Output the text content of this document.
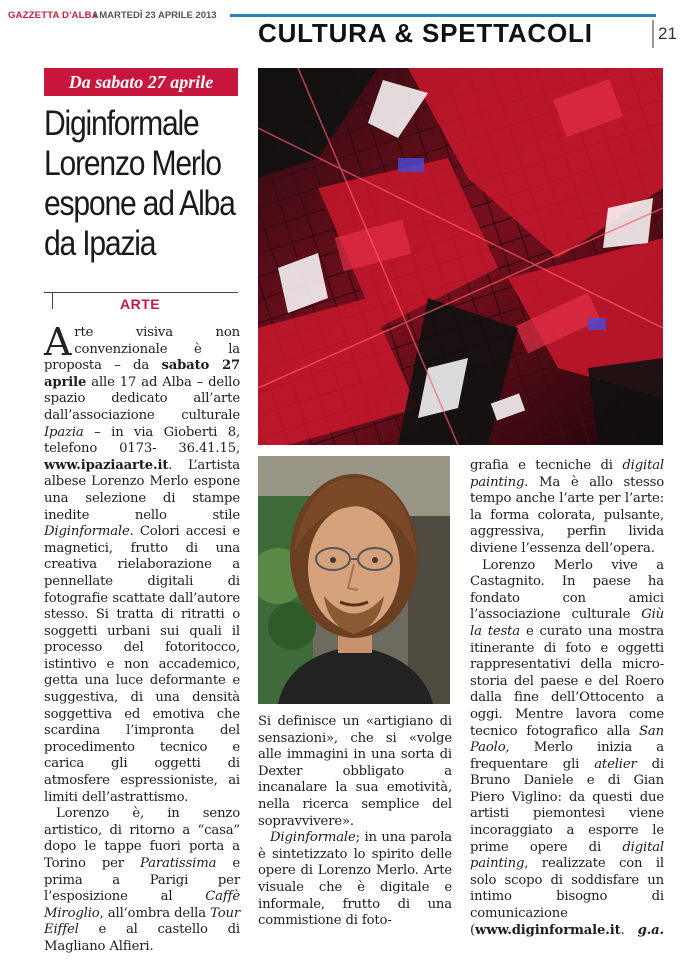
GAZZETTA D'ALBA ■ MARTEDÌ 23 APRILE 2013
CULTURA & SPETTACOLI	21
Da sabato 27 aprile
Diginformale
Lorenzo Merlo
espone ad Alba
da Ipazia
ARTE

Arte visiva non convenzionale è la proposta – da sabato 27 aprile alle 17 ad Alba – dello spazio dedicato all’arte dall’associazione culturale Ipazia – in via Gioberti 8, telefono 0173- 36.41.15, www.ipaziaarte.it. L’artista albese Lorenzo Merlo espone una selezione di stampe inedite nello stile Diginformale. Colori accesi e magnetici, frutto di una creativa rielaborazione a pennellate digitali di fotografie scattate dall’autore stesso. Si tratta di ritratti o soggetti urbani sui quali il processo del fotoritocco, istintivo e non accademico, getta una luce deformante e suggestiva, di una densità soggettiva ed emotiva che scardina l’impronta del procedimento tecnico e carica gli oggetti di atmosfere espressioniste, ai limiti dell’astrattismo.

Lorenzo è, in senzo artistico, di ritorno a “casa” dopo le tappe fuori porta a Torino per Paratissima e prima a Parigi per l’esposizione al Caffè Miroglio, all’ombra della Tour Eiffel e al castello di Magliano Alfieri.

Si definisce un «artigiano di sensazioni», che si «volge alle immagini in una sorta di Dexter obbligato a incanalare la sua emotività, nella ricerca semplice del sopravvivere».

Diginformale; in una parola è sintetizzato lo spirito delle opere di Lorenzo Merlo. Arte visuale che è digitale e informale, frutto di una commistione di foto-

grafia e tecniche di digital painting. Ma è allo stesso tempo anche l’arte per l’arte: la forma colorata, pulsante, aggressiva, perfin livida diviene l’essenza dell’opera.

Lorenzo Merlo vive a Castagnito. In paese ha fondato con amici l’associazione culturale Giù la testa e curato una mostra itinerante di foto e oggetti rappresentativi della micro-storia del paese e del Roero dalla fine dell’Ottocento a oggi. Mentre lavora come tecnico fotografico alla San Paolo, Merlo inizia a frequentare gli atelier di Bruno Daniele e di Gian Piero Viglino: da questi due artisti piemontesi viene incoraggiato a esporre le prime opere di digital painting, realizzate con il solo scopo di soddisfare un intimo bisogno di comunicazione (www.diginformale.it. g.a.
